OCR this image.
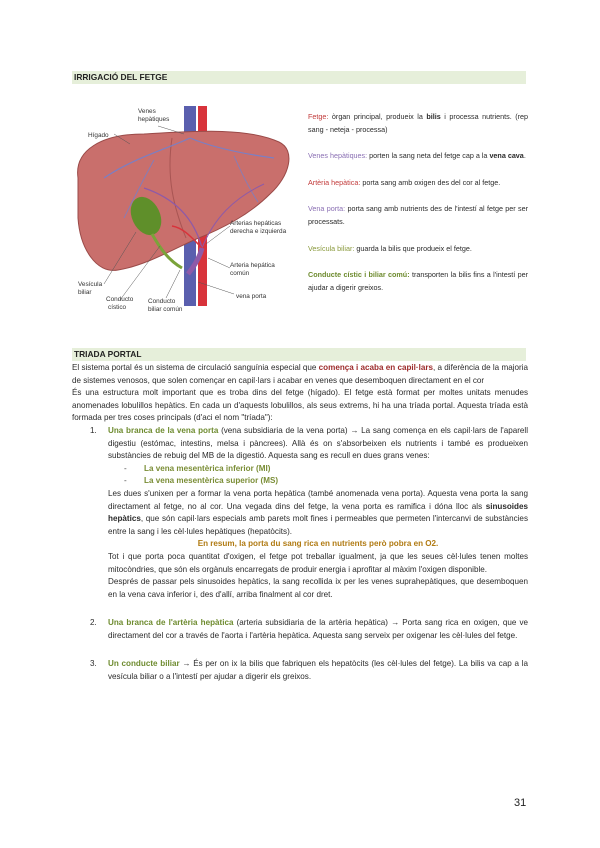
IRRIGACIÓ DEL FETGE
Venes
hepàtiques
Hígado
Arterias hepáticas
derecha e izquierda
Arteria hepática
común
Vesícula
biliar
Conducto
cístico
Conducto
biliar común
vena porta

Fetge: òrgan principal, produeix la bilis i processa nutrients. (rep sang - neteja - processa)

Venes hepàtiques: porten la sang neta del fetge cap a la vena cava.

Artèria hepàtica: porta sang amb oxigen des del cor al fetge.

Vena porta: porta sang amb nutrients des de l'intestí al fetge per ser processats.

Vesícula biliar: guarda la bilis que produeix el fetge.

Conducte cístic i biliar comú: transporten la bilis fins a l'intestí per ajudar a digerir greixos.

TRIADA PORTAL

El sistema portal és un sistema de circulació sanguínia especial que comença i acaba en capil·lars, a diferència de la majoria de sistemes venosos, que solen començar en capil·lars i acabar en venes que desemboquen directament en el cor

És una estructura molt important que es troba dins del fetge (hígado). El fetge està format per moltes unitats menudes anomenades lobulillos hepàtics. En cada un d'aquests lobulillos, als seus extrems, hi ha una tríada portal. Aquesta tríada està formada per tres coses principals (d'aci el nom "tríada"):

1. Una branca de la vena porta (vena subsidiaria de la vena porta) → La sang comença en els capil·lars de l'aparell digestiu (estómac, intestins, melsa i pàncrees). Allà és on s'absorbeixen els nutrients i també es produeixen substàncies de rebuig del MB de la digestió. Aquesta sang es recull en dues grans venes:

- La vena mesentèrica inferior (MI)

- La vena mesentèrica superior (MS)

Les dues s'unixen per a formar la vena porta hepàtica (també anomenada vena porta). Aquesta vena porta la sang directament al fetge, no al cor. Una vegada dins del fetge, la vena porta es ramifica i dóna lloc als sinusoides hepàtics, que són capil·lars especials amb parets molt fines i permeables que permeten l'intercanvi de substàncies entre la sang i les cèl·lules hepàtiques (hepatòcits).

En resum, la porta du sang rica en nutrients però pobra en O2.

Tot i que porta poca quantitat d'oxigen, el fetge pot treballar igualment, ja que les seues cèl·lules tenen moltes mitocòndries, que són els orgànuls encarregats de produir energia i aprofitar al màxim l'oxigen disponible.

Després de passar pels sinusoides hepàtics, la sang recollida ix per les venes suprahepàtiques, que desemboquen en la vena cava inferior i, des d'allí, arriba finalment al cor dret.

2. Una branca de l'artèria hepàtica (arteria subsidiaria de la artèria hepàtica) → Porta sang rica en oxigen, que ve directament del cor a través de l'aorta i l'artèria hepàtica. Aquesta sang serveix per oxigenar les cèl·lules del fetge.

3. Un conducte biliar → És per on ix la bilis que fabriquen els hepatòcits (les cèl·lules del fetge). La bilis va cap a la vesícula biliar o a l'intestí per ajudar a digerir els greixos.

31
